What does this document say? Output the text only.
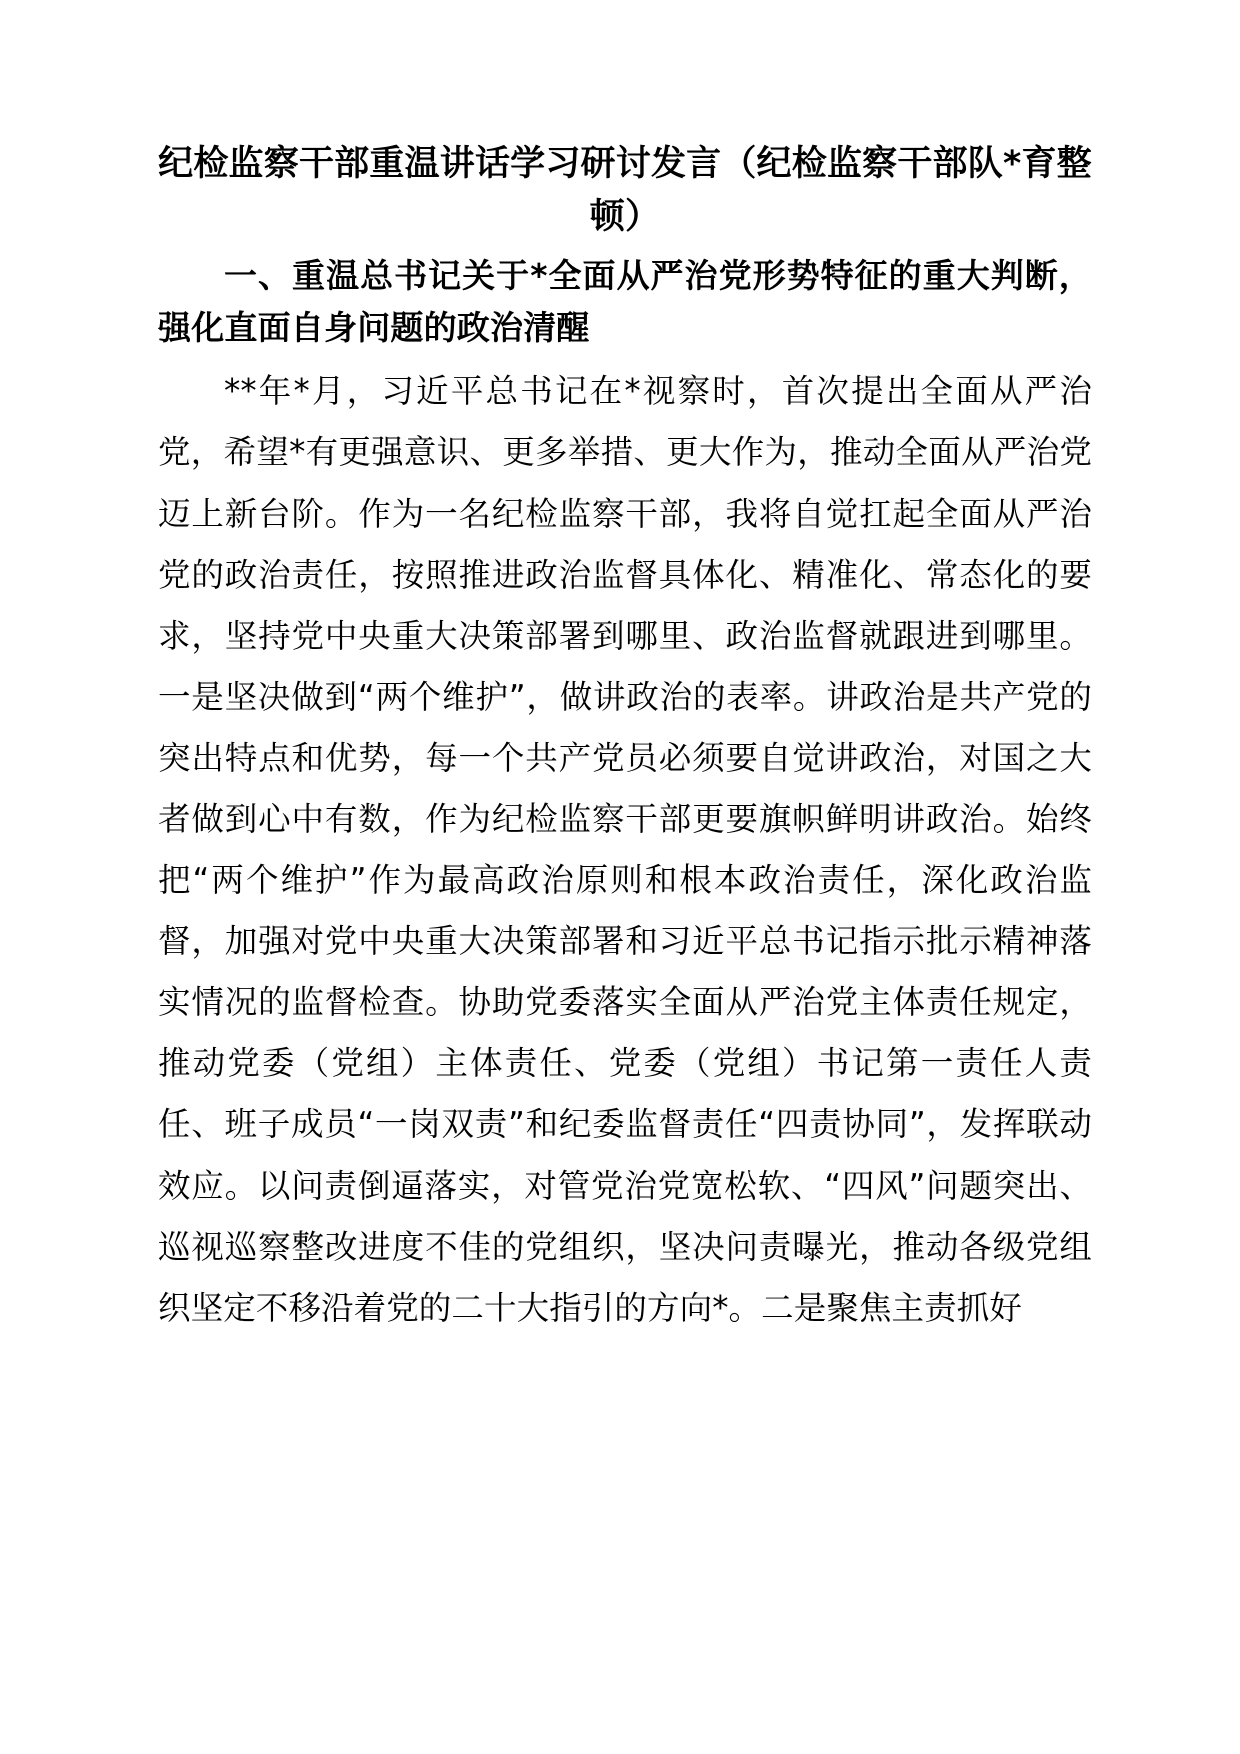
纪检监察干部重温讲话学习研讨发言（纪检监察干部队*育整顿）
一、重温总书记关于*全面从严治党形势特征的重大判断，强化直面自身问题的政治清醒

**年*月，习近平总书记在*视察时，首次提出全面从严治党，希望*有更强意识、更多举措、更大作为，推动全面从严治党迈上新台阶。作为一名纪检监察干部，我将自觉扛起全面从严治党的政治责任，按照推进政治监督具体化、精准化、常态化的要求，坚持党中央重大决策部署到哪里、政治监督就跟进到哪里。一是坚决做到“两个维护”，做讲政治的表率。讲政治是共产党的突出特点和优势，每一个共产党员必须要自觉讲政治，对国之大者做到心中有数，作为纪检监察干部更要旗帜鲜明讲政治。始终把“两个维护”作为最高政治原则和根本政治责任，深化政治监督，加强对党中央重大决策部署和习近平总书记指示批示精神落实情况的监督检查。协助党委落实全面从严治党主体责任规定，推动党委（党组）主体责任、党委（党组）书记第一责任人责任、班子成员“一岗双责”和纪委监督责任“四责协同”，发挥联动效应。以问责倒逼落实，对管党治党宽松软、“四风”问题突出、巡视巡察整改进度不佳的党组织，坚决问责曝光，推动各级党组织坚定不移沿着党的二十大指引的方向*。二是聚焦主责抓好
